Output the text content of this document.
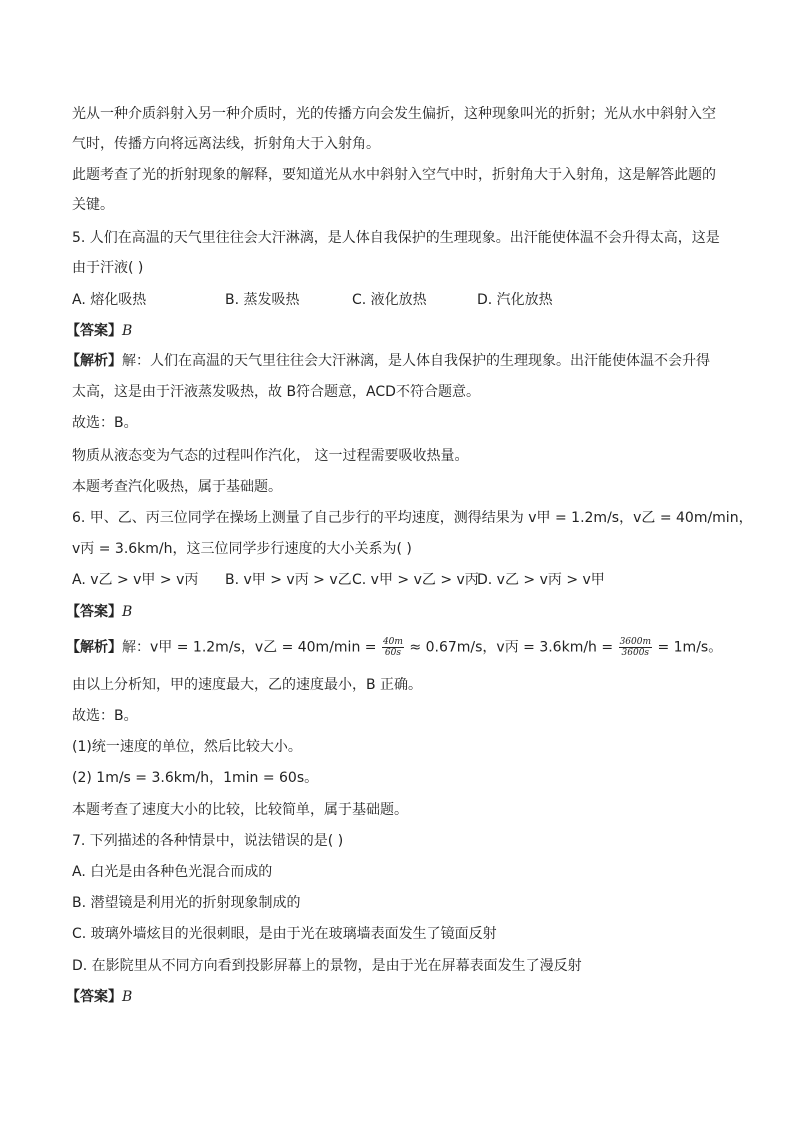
光从一种介质斜射入另一种介质时，光的传播方向会发生偏折，这种现象叫光的折射；光从水中斜射入空
气时，传播方向将远离法线，折射角大于入射角。
此题考查了光的折射现象的解释，要知道光从水中斜射入空气中时，折射角大于入射角，这是解答此题的
关键。
5. 人们在高温的天气里往往会大汗淋漓，是人体自我保护的生理现象。出汗能使体温不会升得太高，这是
由于汗液( )
A. 熔化吸热	B. 蒸发吸热	C. 液化放热	D. 汽化放热
【答案】B
【解析】解：人们在高温的天气里往往会大汗淋漓，是人体自我保护的生理现象。出汗能使体温不会升得
太高，这是由于汗液蒸发吸热，故 B符合题意，ACD不符合题意。
故选：B。
物质从液态变为气态的过程叫作汽化， 这一过程需要吸收热量。
本题考查汽化吸热，属于基础题。
6. 甲、乙、丙三位同学在操场上测量了自己步行的平均速度，测得结果为 v甲 = 1.2m/s，v乙 = 40m/min，
v丙 = 3.6km/h，这三位同学步行速度的大小关系为( )
A. v乙 > v甲 > v丙 B. v甲 > v丙 > v乙 C. v甲 > v乙 > v丙
D. v乙 > v丙 > v甲
【答案】B
【解析】解：v甲 = 1.2m/s，v乙 = $40m/\min = \frac{40m}{60s} \approx 0.67m/s$，v丙 = $3.6km/h = \frac{3600m}{3600s} = 1m/s$。
由以上分析知，甲的速度最大，乙的速度最小，B 正确。
故选：B。
(1)统一速度的单位，然后比较大小。
(2) 1m/s = 3.6km/h，1min = 60s。
本题考查了速度大小的比较，比较简单，属于基础题。
7. 下列描述的各种情景中，说法错误的是( )
A. 白光是由各种色光混合而成的
B. 潜望镜是利用光的折射现象制成的
C. 玻璃外墙炫目的光很刺眼，是由于光在玻璃墙表面发生了镜面反射
D. 在影院里从不同方向看到投影屏幕上的景物，是由于光在屏幕表面发生了漫反射
【答案】B
